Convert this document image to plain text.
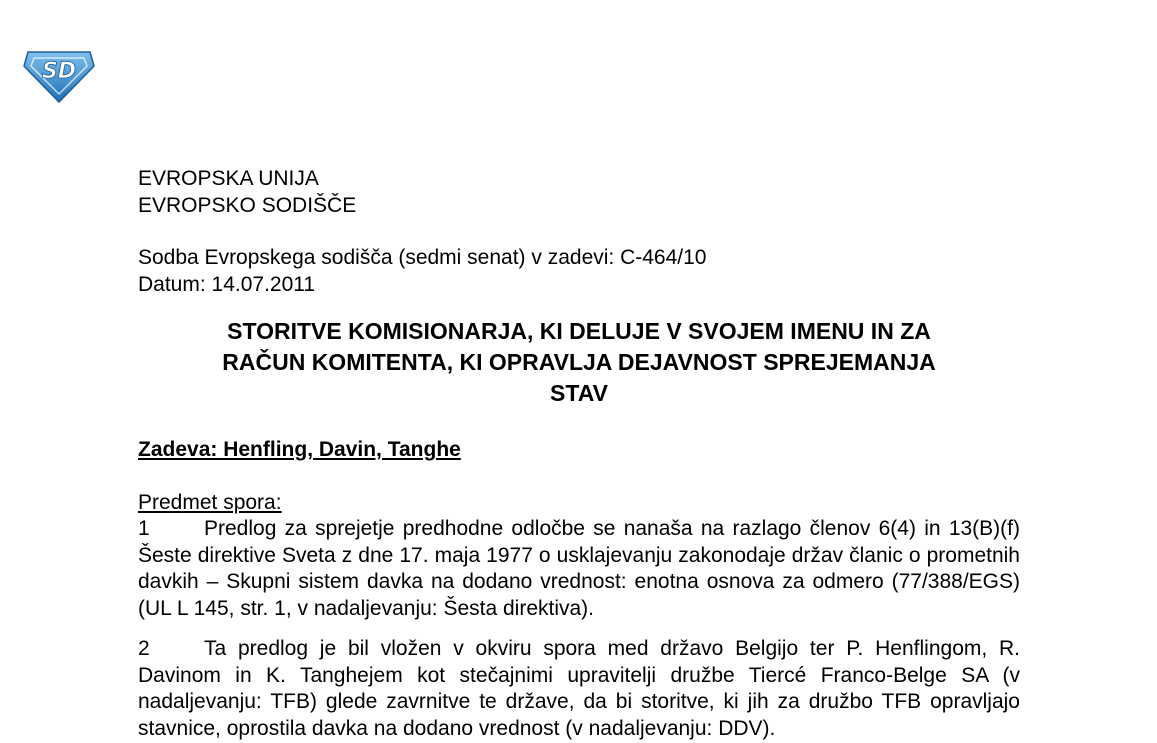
SD
EVROPSKA UNIJA
EVROPSKO SODIŠČE
Sodba Evropskega sodišča (sedmi senat) v zadevi: C-464/10
Datum: 14.07.2011
STORITVE KOMISIONARJA, KI DELUJE V SVOJEM IMENU IN ZA
RAČUN KOMITENTA, KI OPRAVLJA DEJAVNOST SPREJEMANJA
STAV
Zadeva: Henfling, Davin, Tanghe
Predmet spora:

1	Predlog za sprejetje predhodne odločbe se nanaša na razlago členov 6(4) in 13(B)(f) Šeste direktive Sveta z dne 17. maja 1977 o usklajevanju zakonodaje držav članic o prometnih davkih – Skupni sistem davka na dodano vrednost: enotna osnova za odmero (77/388/EGS) (UL L 145, str. 1, v nadaljevanju: Šesta direktiva).

2	Ta predlog je bil vložen v okviru spora med državo Belgijo ter P. Henflingom, R. Davinom in K. Tanghejem kot stečajnimi upravitelji družbe Tiercé Franco-Belge SA (v nadaljevanju: TFB) glede zavrnitve te države, da bi storitve, ki jih za družbo TFB opravljajo stavnice, oprostila davka na dodano vrednost (v nadaljevanju: DDV).
